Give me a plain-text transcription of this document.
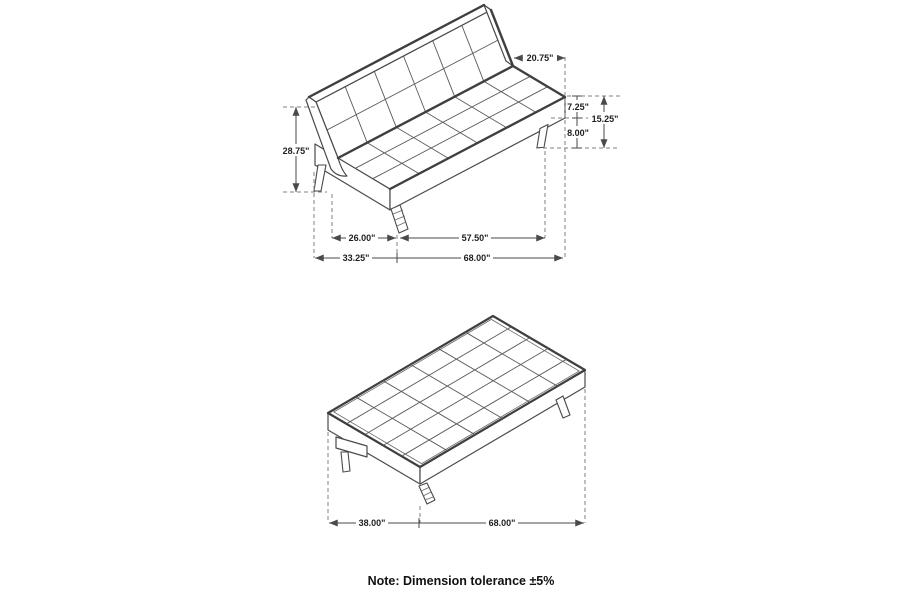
28.75"
20.75"
7.25"
15.25"
8.00"
26.00"	57.50"
33.25"	68.00"
38.00"	68.00"
Note: Dimension tolerance ±5%
